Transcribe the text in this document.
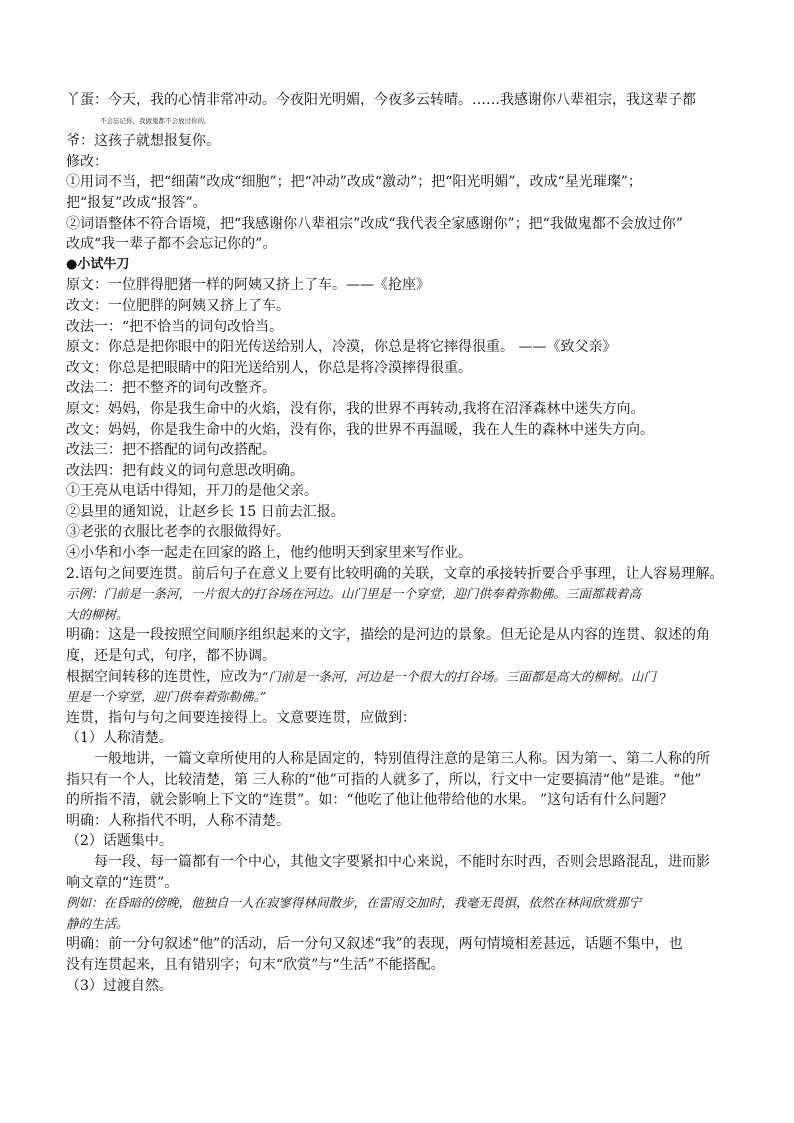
丫蛋：今天，我的心情非常冲动。今夜阳光明媚，今夜多云转晴。……我感谢你八辈祖宗，我这辈子都
不会忘记你，我做鬼都不会放过你的。
爷：这孩子就想报复你。
修改：
①用词不当，把“细菌”改成“细胞”；把“冲动”改成“激动”；把“阳光明媚”，改成“星光璀璨”；
把“报复”改成“报答”。
②词语整体不符合语境，把“我感谢你八辈祖宗”改成“我代表全家感谢你”；把“我做鬼都不会放过你”
改成“我一辈子都不会忘记你的”。
●小试牛刀
原文：一位胖得肥猪一样的阿姨又挤上了车。——《抢座》
改文：一位肥胖的阿姨又挤上了车。
改法一：“把不恰当的词句改恰当。
原文：你总是把你眼中的阳光传送给别人，冷漠，你总是将它摔得很重。 ——《致父亲》
改文：你总是把眼睛中的阳光送给别人，你总是将冷漠摔得很重。
改法二：把不整齐的词句改整齐。
原文：妈妈，你是我生命中的火焰，没有你，我的世界不再转动,我将在沼泽森林中迷失方向。
改文：妈妈，你是我生命中的火焰，没有你，我的世界不再温暖，我在人生的森林中迷失方向。
改法三：把不搭配的词句改搭配。
改法四：把有歧义的词句意思改明确。
①王亮从电话中得知，开刀的是他父亲。
②县里的通知说，让赵乡长 15 日前去汇报。
③老张的衣服比老李的衣服做得好。
④小华和小李一起走在回家的路上，他约他明天到家里来写作业。
2.语句之间要连贯。前后句子在意义上要有比较明确的关联，文章的承接转折要合乎事理，让人容易理解。
示例：门前是一条河，一片很大的打谷场在河边。山门里是一个穿堂，迎门供奉着弥勒佛。三面都栽着高
大的柳树。
明确：这是一段按照空间顺序组织起来的文字，描绘的是河边的景象。但无论是从内容的连贯、叙述的角
度，还是句式，句序，都不协调。
根据空间转移的连贯性，应改为“门前是一条河，河边是一个很大的打谷场。三面都是高大的柳树。山门
里是一个穿堂，迎门供奉着弥勒佛。”
连贯，指句与句之间要连接得上。文意要连贯，应做到：
（1）人称清楚。
一般地讲，一篇文章所使用的人称是固定的，特别值得注意的是第三人称。因为第一、第二人称的所
指只有一个人，比较清楚，第 三人称的“他”可指的人就多了，所以，行文中一定要搞清“他”是谁。“他”
的所指不清，就会影响上下文的“连贯”。如：“他吃了他让他带给他的水果。 ”这句话有什么问题？
明确：人称指代不明，人称不清楚。
（2）话题集中。
每一段、每一篇都有一个中心，其他文字要紧扣中心来说，不能时东时西，否则会思路混乱，进而影
响文章的“连贯”。
例如：在昏暗的傍晚，他独自一人在寂寥得林间散步，在雷雨交加时，我毫无畏惧，依然在林间欣赏那宁
静的生活。
明确：前一分句叙述“他”的活动，后一分句又叙述“我”的表现，两句情境相差甚远，话题不集中，也
没有连贯起来，且有错别字；句末“欣赏”与“生活”不能搭配。
（3）过渡自然。
